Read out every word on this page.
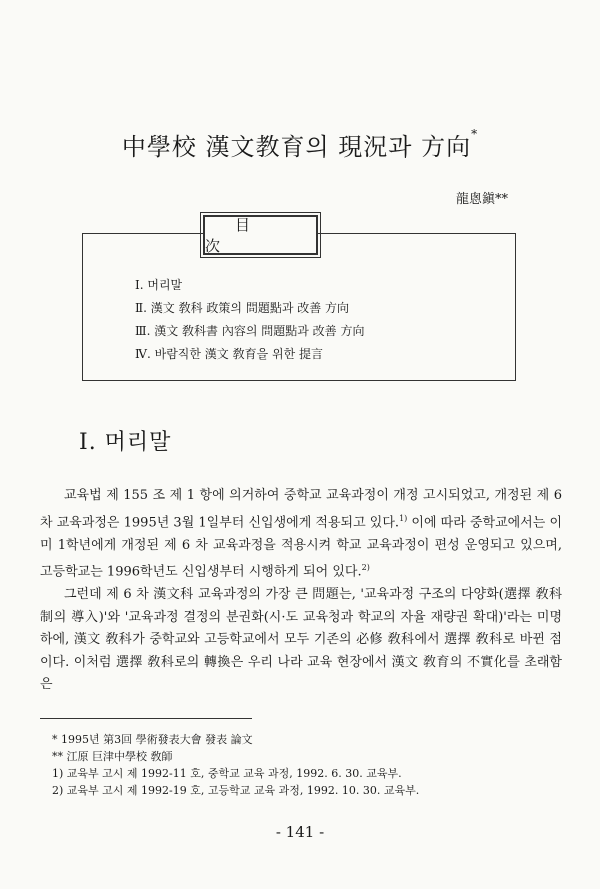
中學校 漢文教育의 現況과 方向*
龍悤鎭**
目次
Ⅰ. 머리말
Ⅱ. 漢文 敎科 政策의 問題點과 改善 方向
Ⅲ. 漢文 敎科書 內容의 問題點과 改善 方向
Ⅳ. 바람직한 漢文 敎育을 위한 提言
Ⅰ. 머리말

교육법 제 155 조 제 1 항에 의거하여 중학교 교육과정이 개정 고시되었고, 개정된 제 6 차 교육과정은 1995년 3월 1일부터 신입생에게 적용되고 있다.$^{1)}$ 이에 따라 중학교에서는 이미 1학년에게 개정된 제 6 차 교육과정을 적용시켜 학교 교육과정이 편성 운영되고 있으며, 고등학교는 1996학년도 신입생부터 시행하게 되어 있다.$^{2)}$

그런데 제 6 차 漢文科 교육과정의 가장 큰 問題는, '교육과정 구조의 다양화(選擇 敎科制의 導入)'와 '교육과정 결정의 분권화(시·도 교육청과 학교의 자율 재량권 확대)'라는 미명 하에, 漢文 敎科가 중학교와 고등학교에서 모두 기존의 必修 敎科에서 選擇 敎科로 바뀐 점이다. 이처럼 選擇 敎科로의 轉換은 우리 나라 교육 현장에서 漢文 敎育의 不實化를 초래함은

* 1995년 第3回 學術發表大會 發表 論文
** 江原 巨津中學校 敎師
1) 교육부 고시 제 1992-11 호, 중학교 교육 과정, 1992. 6. 30. 교육부.
2) 교육부 고시 제 1992-19 호, 고등학교 교육 과정, 1992. 10. 30. 교육부.
- 141 -
